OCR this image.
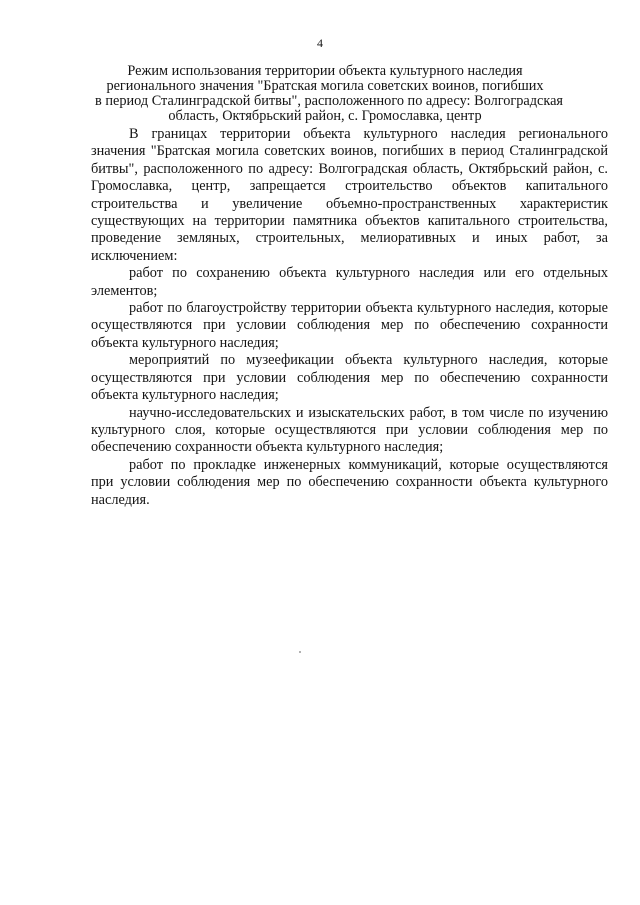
4
Режим использования территории объекта культурного наследия
регионального значения "Братская могила советских воинов, погибших
в период Сталинградской битвы", расположенного по адресу: Волгоградская
область, Октябрьский район, с. Громославка, центр

В границах территории объекта культурного наследия регионального значения "Братская могила советских воинов, погибших в период Сталинградской битвы", расположенного по адресу: Волгоградская область, Октябрьский район, с. Громославка, центр, запрещается строительство объектов капитального строительства и увеличение объемно-пространственных характеристик существующих на территории памятника объектов капитального строительства, проведение земляных, строительных, мелиоративных и иных работ, за исключением:

работ по сохранению объекта культурного наследия или его отдельных элементов;

работ по благоустройству территории объекта культурного наследия, которые осуществляются при условии соблюдения мер по обеспечению сохранности объекта культурного наследия;

мероприятий по музеефикации объекта культурного наследия, которые осуществляются при условии соблюдения мер по обеспечению сохранности объекта культурного наследия;

научно-исследовательских и изыскательских работ, в том числе по изучению культурного слоя, которые осуществляются при условии соблюдения мер по обеспечению сохранности объекта культурного наследия;

работ по прокладке инженерных коммуникаций, которые осуществляются при условии соблюдения мер по обеспечению сохранности объекта культурного наследия.
